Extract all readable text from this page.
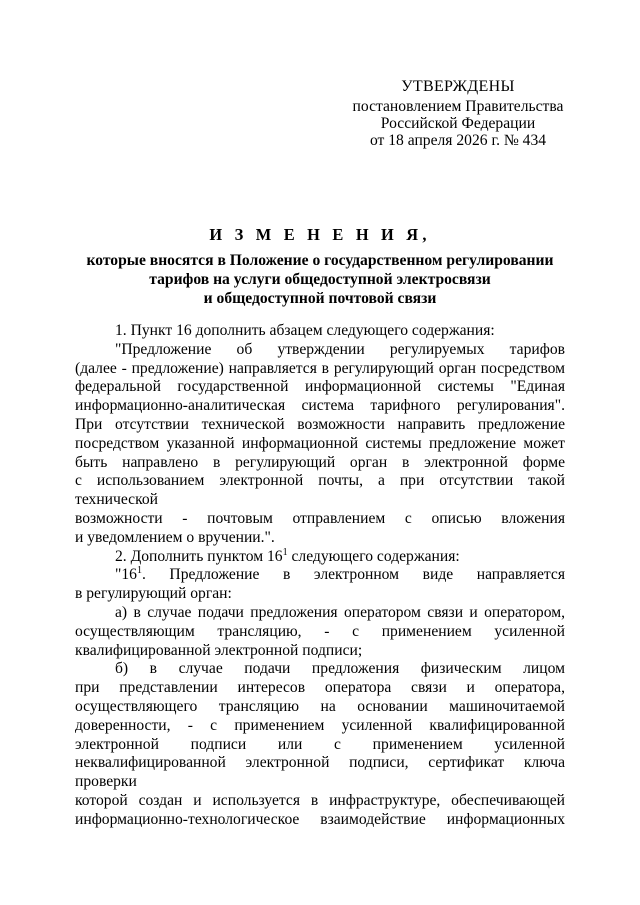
УТВЕРЖДЕНЫ
постановлением Правительства
Российской Федерации
от 18 апреля 2026 г. № 434
И З М Е Н Е Н И Я,
которые вносятся в Положение о государственном регулировании
тарифов на услуги общедоступной электросвязи
и общедоступной почтовой связи

1. Пункт 16 дополнить абзацем следующего содержания:

"Предложение об утверждении регулируемых тарифов
(далее - предложение) направляется в регулирующий орган посредством
федеральной государственной информационной системы "Единая
информационно-аналитическая система тарифного регулирования".
При отсутствии технической возможности направить предложение
посредством указанной информационной системы предложение может
быть направлено в регулирующий орган в электронной форме
с использованием электронной почты, а при отсутствии такой технической
возможности - почтовым отправлением с описью вложения
и уведомлением о вручении.".

2. Дополнить пунктом $16^1$ следующего содержания:

"$16^1$. Предложение в электронном виде направляется
в регулирующий орган:

а) в случае подачи предложения оператором связи и оператором,
осуществляющим трансляцию, - с применением усиленной
квалифицированной электронной подписи;

б) в случае подачи предложения физическим лицом
при представлении интересов оператора связи и оператора,
осуществляющего трансляцию на основании машиночитаемой
доверенности, - с применением усиленной квалифицированной
электронной подписи или с применением усиленной
неквалифицированной электронной подписи, сертификат ключа проверки
которой создан и используется в инфраструктуре, обеспечивающей
информационно-технологическое взаимодействие информационных
